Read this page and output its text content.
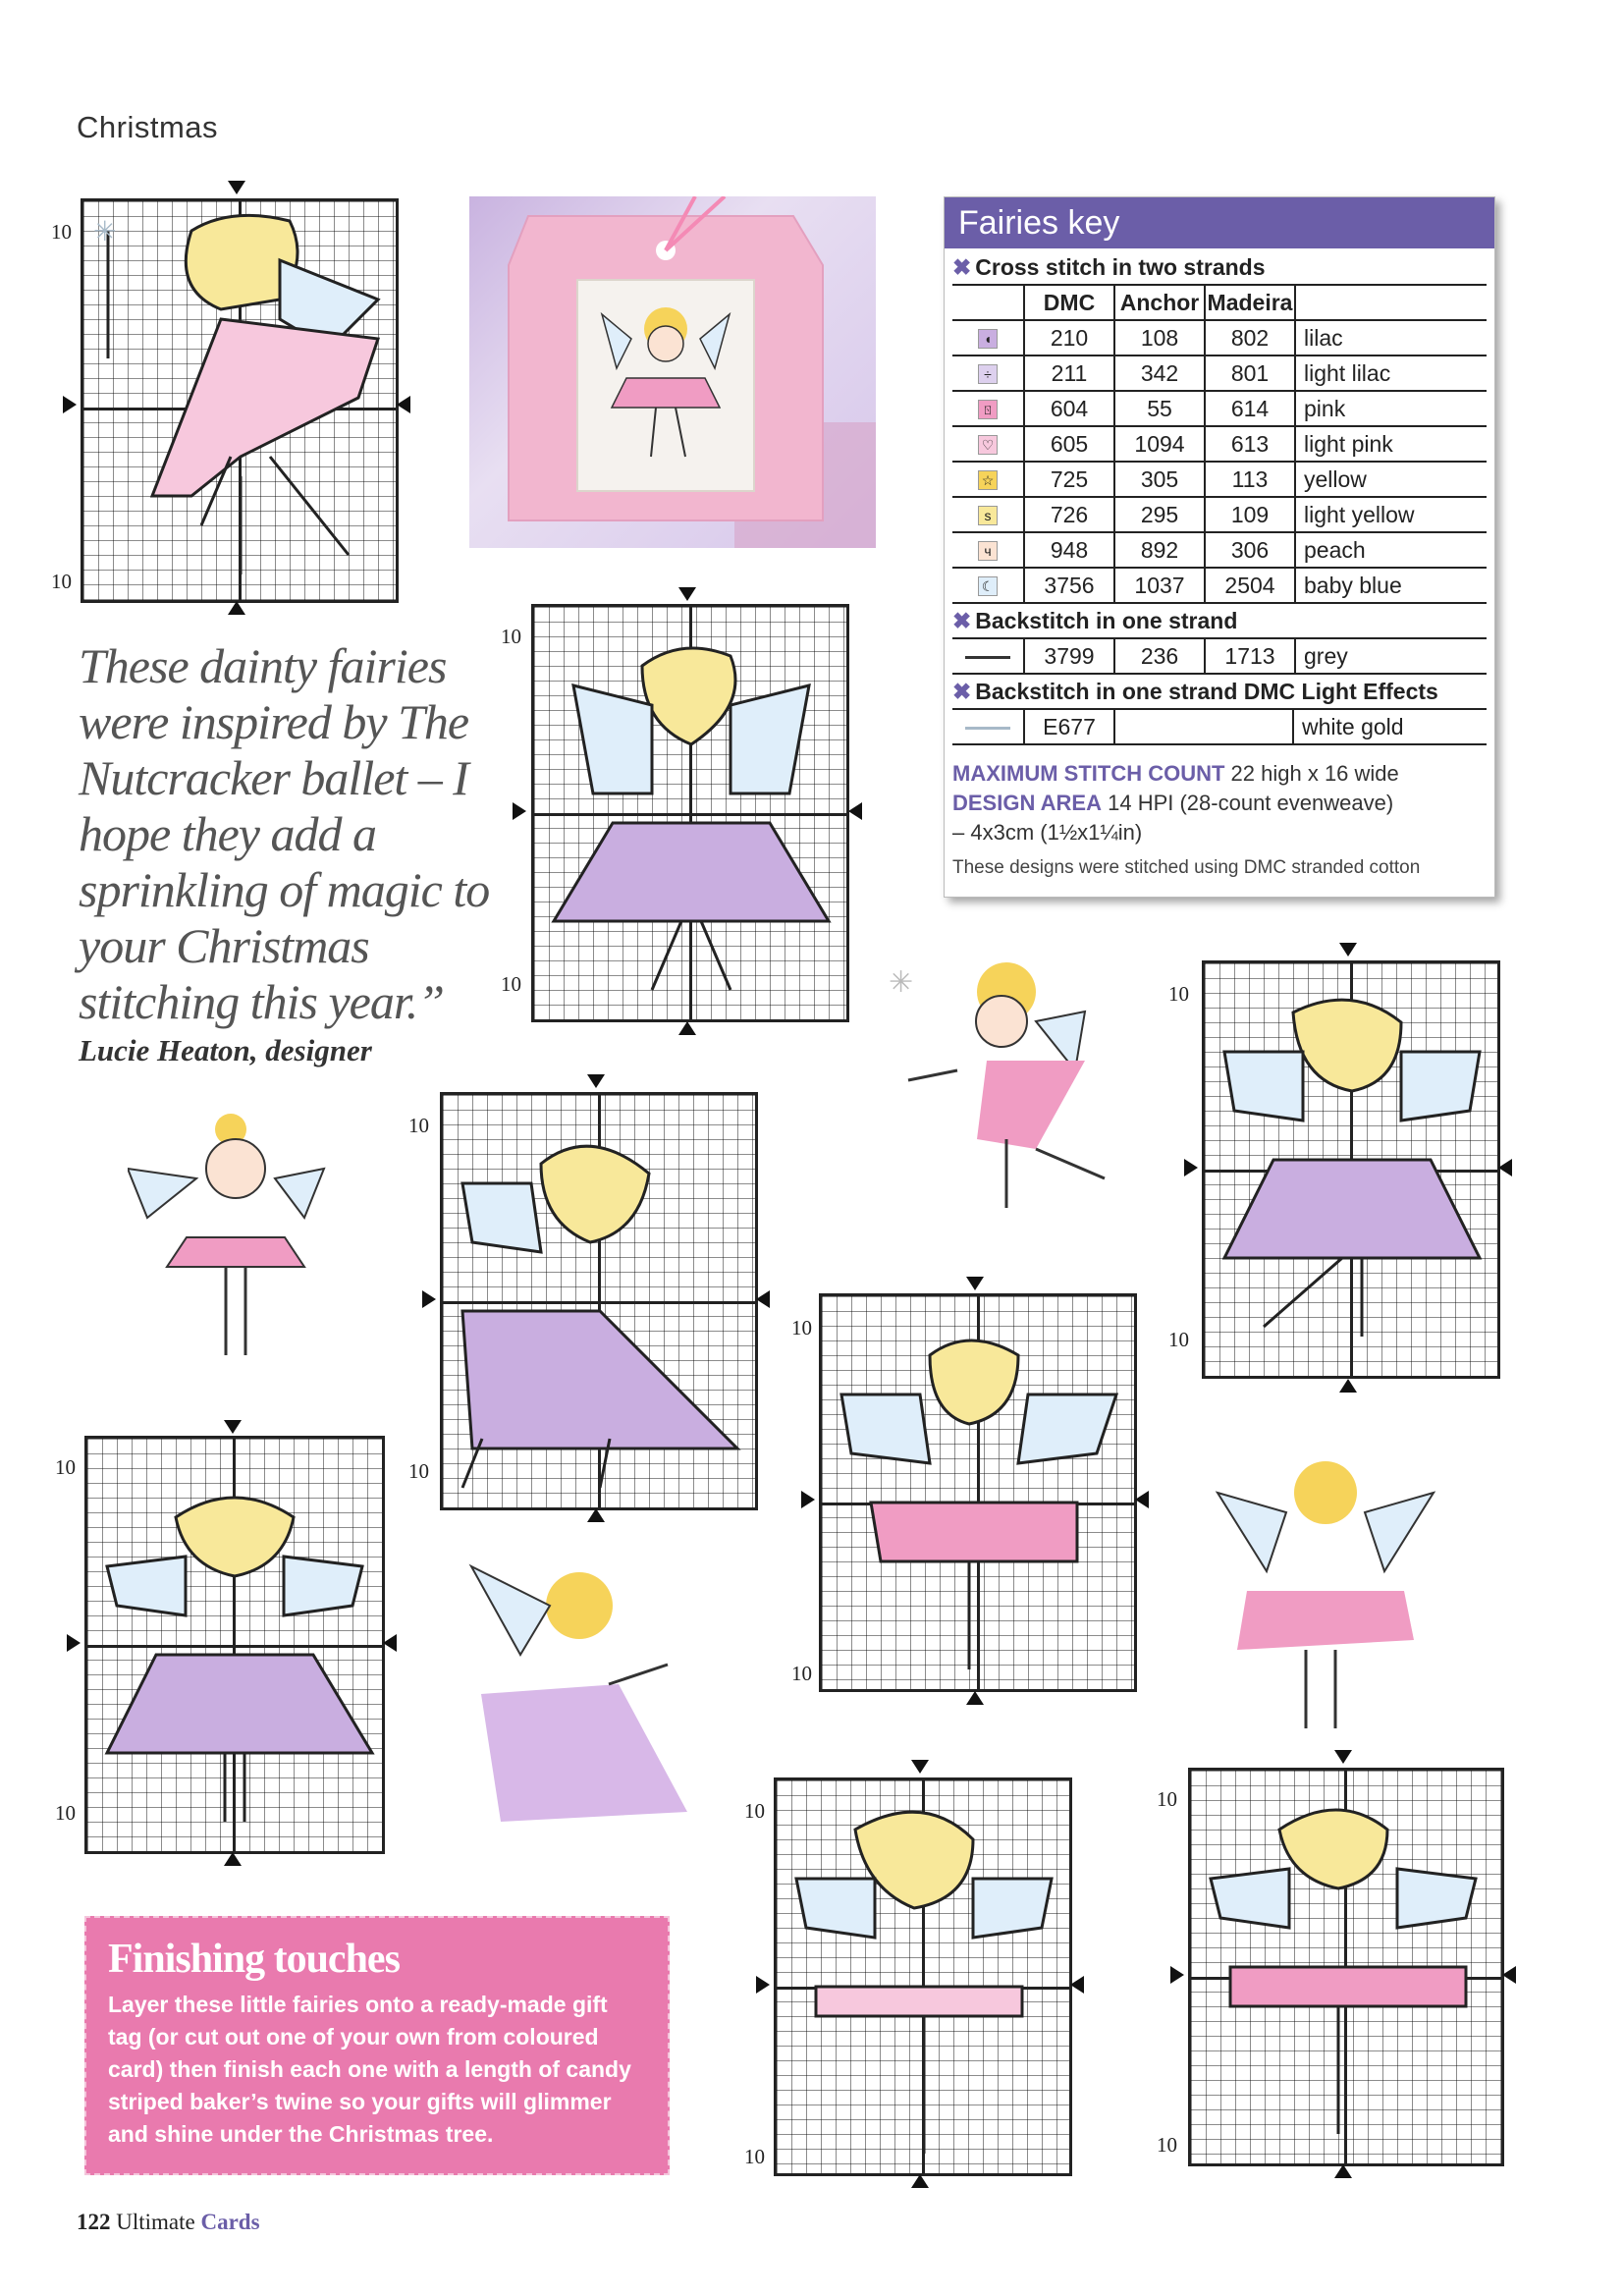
Christmas
✳
10
10
Fairies key
✖ Cross stitch in two strands
	DMC	Anchor	Madeira	
◖	210	108	802	lilac
÷	211	342	801	light lilac
ㄖ	604	55	614	pink
♡	605	1094	613	light pink
☆	725	305	113	yellow
s	726	295	109	light yellow
ч	948	892	306	peach
☾	3756	1037	2504	baby blue
✖ Backstitch in one strand
	3799	236	1713	grey
✖ Backstitch in one strand DMC Light Effects
	E677			white gold
MAXIMUM STITCH COUNT 22 high x 16 wide
DESIGN AREA 14 HPI (28-count evenweave)
– 4x3cm (1½x1¼in)
These designs were stitched using DMC stranded cotton
These dainty fairies were inspired by The Nutcracker ballet – I hope they add a sprinkling of magic to your Christmas stitching this year.”
Lucie Heaton, designer
10
10	10
10
10
10
10
10
10
10	10
10
10
10
✳
Finishing touches

Layer these little fairies onto a ready-made gift tag (or cut out one of your own from coloured card) then finish each one with a length of candy striped baker’s twine so your gifts will glimmer and shine under the Christmas tree.

122 Ultimate Cards
